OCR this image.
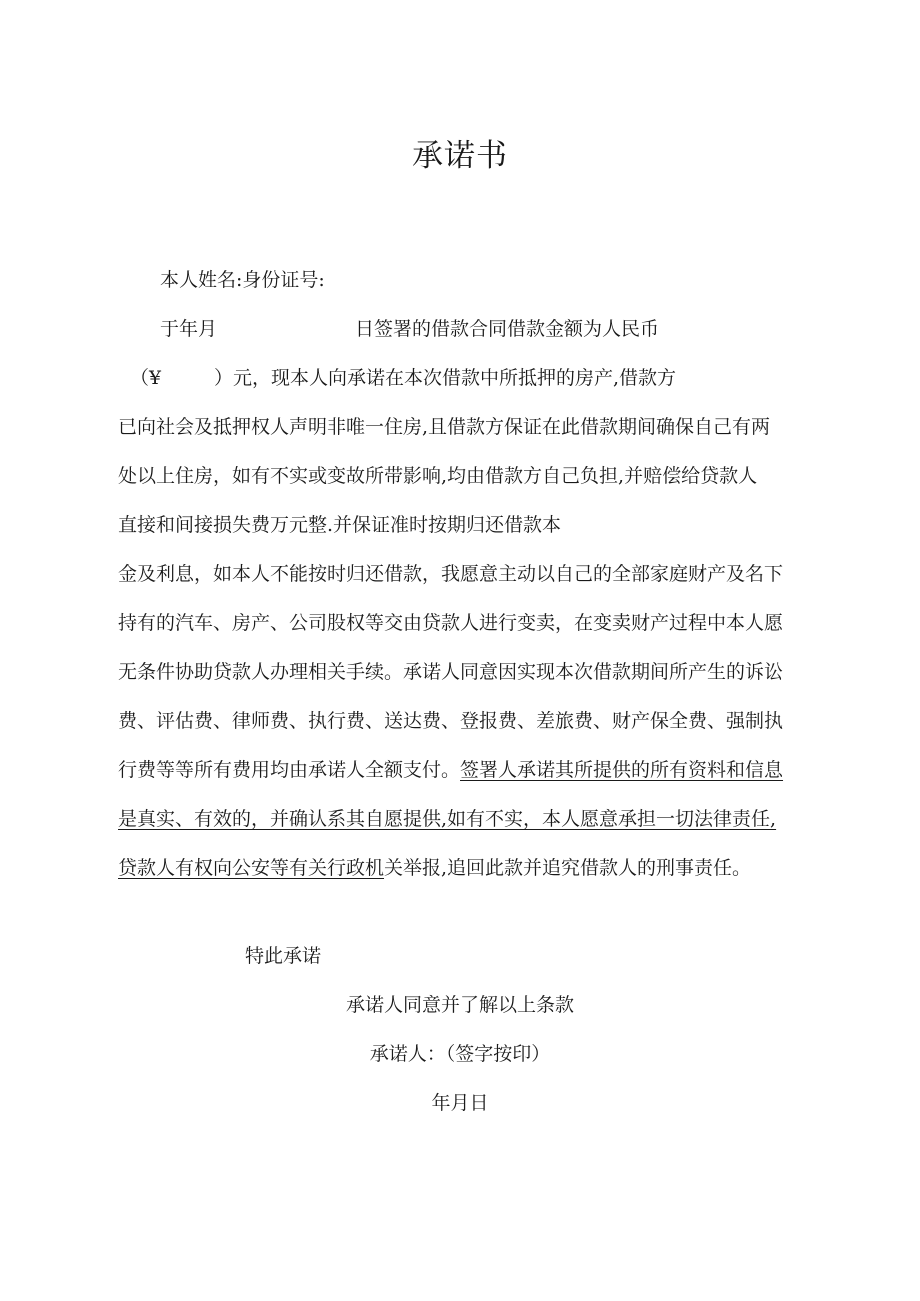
承诺书
本人姓名:身份证号:
于年月	日签署的借款合同借款金额为人民币
（¥	）元，现本人向承诺在本次借款中所抵押的房产,借款方
已向社会及抵押权人声明非唯一住房,且借款方保证在此借款期间确保自己有两
处以上住房，如有不实或变故所带影响,均由借款方自己负担,并赔偿给贷款人
直接和间接损失费万元整.并保证准时按期归还借款本
金及利息，如本人不能按时归还借款，我愿意主动以自己的全部家庭财产及名下
持有的汽车、房产、公司股权等交由贷款人进行变卖，在变卖财产过程中本人愿
无条件协助贷款人办理相关手续。承诺人同意因实现本次借款期间所产生的诉讼
费、评估费、律师费、执行费、送达费、登报费、差旅费、财产保全费、强制执
行费等等所有费用均由承诺人全额支付。签署人承诺其所提供的所有资料和信息
是真实、有效的，并确认系其自愿提供,如有不实，本人愿意承担一切法律责任,
贷款人有权向公安等有关行政机关举报,追回此款并追究借款人的刑事责任。
特此承诺
承诺人同意并了解以上条款
承诺人：（签字按印）
年月日
